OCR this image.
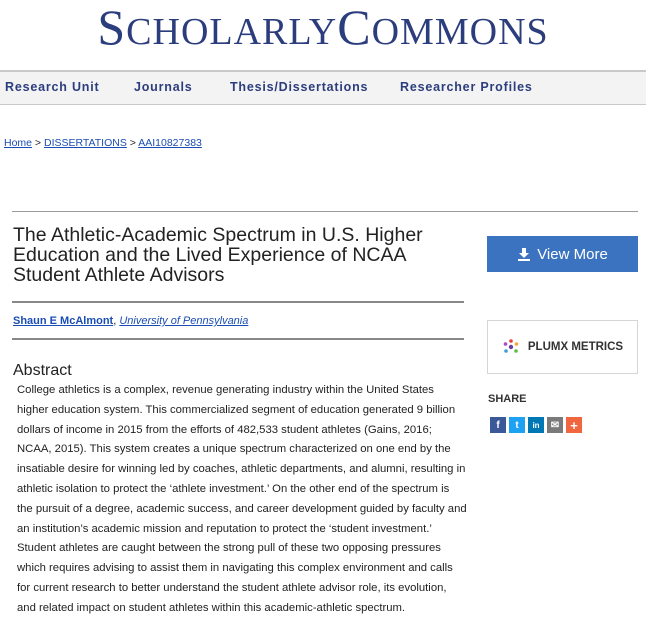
SCHOLARLYCOMMONS
Research Unit	Journals	Thesis/Dissertations	Researcher Profiles
Home > DISSERTATIONS > AAI10827383
The Athletic-Academic Spectrum in U.S. Higher Education and the Lived Experience of NCAA Student Athlete Advisors
Shaun E McAlmont, University of Pennsylvania
Abstract

College athletics is a complex, revenue generating industry within the United States higher education system. This commercialized segment of education generated 9 billion dollars of income in 2015 from the efforts of 482,533 student athletes (Gains, 2016; NCAA, 2015). This system creates a unique spectrum characterized on one end by the insatiable desire for winning led by coaches, athletic departments, and alumni, resulting in athletic isolation to protect the ‘athlete investment.’ On the other end of the spectrum is the pursuit of a degree, academic success, and career development guided by faculty and an institution’s academic mission and reputation to protect the ‘student investment.’ Student athletes are caught between the strong pull of these two opposing pressures which requires advising to assist them in navigating this complex environment and calls for current research to better understand the student athlete advisor role, its evolution, and related impact on student athletes within this academic-athletic spectrum.

View More
PLUMX METRICS
SHARE
f	t	in	✉ +
